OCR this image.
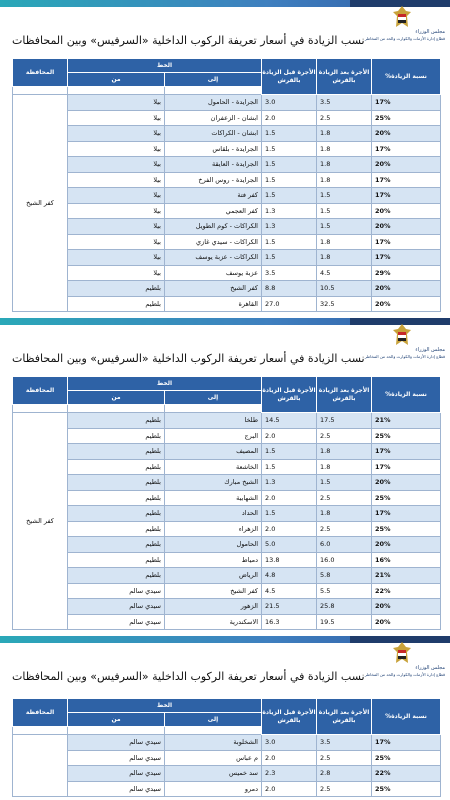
مجلس الوزراء
قطاع إدارة الأزمات والكوارث والحد من المخاطر
نسب الزيادة في أسعار تعريفة الركوب الداخلية «السرفيس» وبين المحافظات
المحافظة	الخط		الأجرة قبل الزيادة بالقرش	الأجرة بعد الزيادة بالقرش	%نسبة الزيادة
	من	إلى			

كفر الشيخ	بيلا	الجرايدة - الحامول	3.0	3.5	17%
	بيلا	ابشان - الزعفران	2.0	2.5	25%
	بيلا	ابشان - الكراكات	1.5	1.8	20%
	بيلا	الجرايدة - بلقاس	1.5	1.8	17%
	بيلا	الجرايدة - العايقة	1.5	1.8	20%
	بيلا	الجرايدة - روس الفرخ	1.5	1.8	17%
	بيلا	كفر فتة	1.5	1.5	17%
	بيلا	كفر العجمي	1.3	1.5	20%
	بيلا	الكراكات - كوم الطويل	1.3	1.5	20%
	بيلا	الكراكات - سيدي غازي	1.5	1.8	17%
	بيلا	الكراكات - عزبة يوسف	1.5	1.8	17%
	بيلا	عزبة يوسف	3.5	4.5	29%
	بلطيم	كفر الشيخ	8.8	10.5	20%
	بلطيم	القاهرة	27.0	32.5	20%
مجلس الوزراء
قطاع إدارة الأزمات والكوارث والحد من المخاطر
نسب الزيادة في أسعار تعريفة الركوب الداخلية «السرفيس» وبين المحافظات
المحافظة	الخط		الأجرة قبل الزيادة بالقرش	الأجرة بعد الزيادة بالقرش	%نسبة الزيادة
	من	إلى			

كفر الشيخ	بلطيم	طلخا	14.5	17.5	21%
	بلطيم	البرج	2.0	2.5	25%
	بلطيم	المصيف	1.5	1.8	17%
	بلطيم	الخاشعة	1.5	1.8	17%
	بلطيم	الشيخ مبارك	1.3	1.5	20%
	بلطيم	الشهابية	2.0	2.5	25%
	بلطيم	الحداد	1.5	1.8	17%
	بلطيم	الزهراء	2.0	2.5	25%
	بلطيم	الحامول	5.0	6.0	20%
	بلطيم	دمياط	13.8	16.0	16%
	بلطيم	الرياض	4.8	5.8	21%
	سيدي سالم	كفر الشيخ	4.5	5.5	22%
	سيدي سالم	الزهور	21.5	25.8	20%
	سيدي سالم	الاسكندرية	16.3	19.5	20%
مجلس الوزراء
قطاع إدارة الأزمات والكوارث والحد من المخاطر
نسب الزيادة في أسعار تعريفة الركوب الداخلية «السرفيس» وبين المحافظات
المحافظة	الخط		الأجرة قبل الزيادة بالقرش	الأجرة بعد الزيادة بالقرش	%نسبة الزيادة
	من	إلى			

	سيدي سالم	الشخلوبة	3.0	3.5	17%
	سيدي سالم	م عباس	2.0	2.5	25%
	سيدي سالم	سد خميس	2.3	2.8	22%
	سيدي سالم	دمرو	2.0	2.5	25%
